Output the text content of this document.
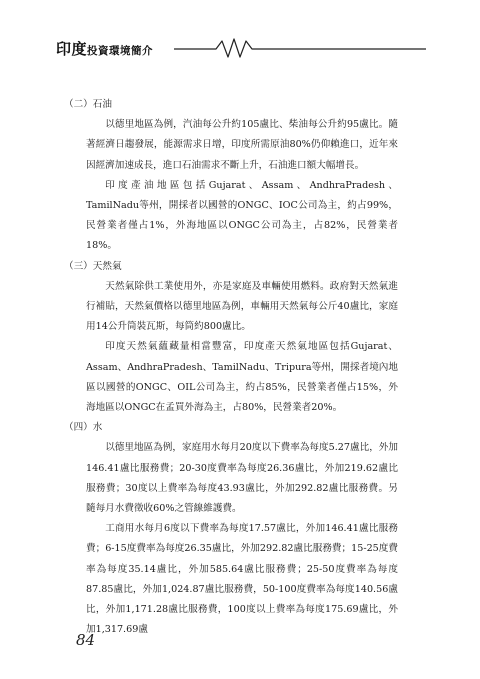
印度投資環境簡介

（二）石油

以德里地區為例，汽油每公升約105盧比、柴油每公升約95盧比。隨著經濟日趨發展，能源需求日增，印度所需原油80%仍仰賴進口，近年來因經濟加速成長，進口石油需求不斷上升，石油進口額大幅增長。

印度產油地區包括Gujarat、Assam、AndhraPradesh、TamilNadu等州，開採者以國營的ONGC、IOC公司為主，約占99%，民營業者僅占1%，外海地區以ONGC公司為主，占82%，民營業者18%。

（三）天然氣

天然氣除供工業使用外，亦是家庭及車輛使用燃料。政府對天然氣進行補貼，天然氣價格以德里地區為例，車輛用天然氣每公斤40盧比，家庭用14公升筒裝瓦斯，每筒約800盧比。

印度天然氣蘊藏量相當豐富，印度產天然氣地區包括Gujarat、Assam、AndhraPradesh、TamilNadu、Tripura等州，開採者境內地區以國營的ONGC、OIL公司為主，約占85%，民營業者僅占15%，外海地區以ONGC在孟買外海為主，占80%，民營業者20%。

（四）水

以德里地區為例，家庭用水每月20度以下費率為每度5.27盧比，外加146.41盧比服務費；20-30度費率為每度26.36盧比，外加219.62盧比服務費；30度以上費率為每度43.93盧比，外加292.82盧比服務費。另隨每月水費徵收60%之管線維護費。

工商用水每月6度以下費率為每度17.57盧比，外加146.41盧比服務費；6-15度費率為每度26.35盧比，外加292.82盧比服務費；15-25度費率為每度35.14盧比，外加585.64盧比服務費；25-50度費率為每度87.85盧比，外加1,024.87盧比服務費，50-100度費率為每度140.56盧比，外加1,171.28盧比服務費，100度以上費率為每度175.69盧比，外加1,317.69盧

84
